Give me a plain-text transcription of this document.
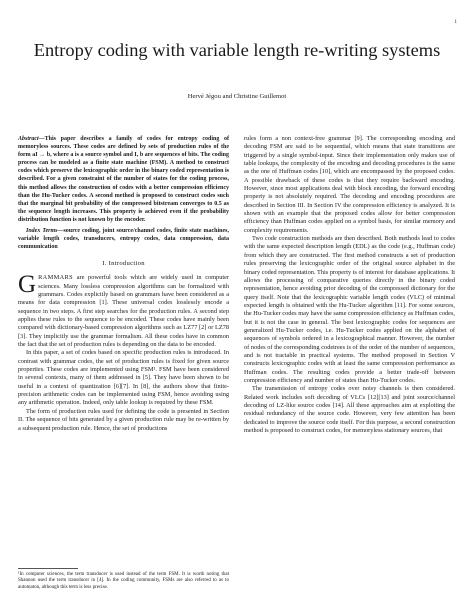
1
Entropy coding with variable length re-writing systems
Hervé Jégou and Christine Guillemot

Abstract—This paper describes a family of codes for entropy coding of memoryless sources. These codes are defined by sets of production rules of the form aI → b, where a is a source symbol and I, b are sequences of bits. The coding process can be modeled as a finite state machine (FSM). A method to construct codes which preserve the lexicographic order in the binary coded representation is described. For a given constraint of the number of states for the coding process, this method allows the construction of codes with a better compression efficiency than the Hu-Tucker codes. A second method is proposed to construct codes such that the marginal bit probability of the compressed bitstream converges to 0.5 as the sequence length increases. This property is achieved even if the probability distribution function is not known by the encoder.

Index Terms—source coding, joint source/channel codes, finite state machines, variable length codes, transducers, entropy codes, data compression, data communication

I. Introduction

GRAMMARS are powerful tools which are widely used in computer sciences. Many lossless compression algorithms can be formalized with grammars. Codes explicitly based on grammars have been considered as a means for data compression [1]. These universal codes losslessly encode a sequence in two steps. A first step searches for the production rules. A second step applies these rules to the sequence to be encoded. These codes have mainly been compared with dictionary-based compression algorithms such as LZ77 [2] or LZ78 [3]. They implicitly use the grammar formalism. All these codes have in common the fact that the set of production rules is depending on the data to be encoded.

In this paper, a set of codes based on specific production rules is introduced. In contrast with grammar codes, the set of production rules is fixed for given source properties. These codes are implemented using FSM¹. FSM have been considered in several contexts, many of them addressed in [5]. They have been shown to be useful in a context of quantization [6][7]. In [8], the authors show that finite-precision arithmetic codes can be implemented using FSM, hence avoiding using any arithmetic operation. Indeed, only table lookup is required by these FSM.

The form of production rules used for defining the code is presented in Section II. The sequence of bits generated by a given production rule may be re-written by a subsequent production rule. Hence, the set of productions

¹In computer sciences, the term transducer is used instead of the term FSM. It is worth noting that Shannon used the term transducer in [4]. In the coding community, FSMs are also referred to as to automaton, although this term is less precise.

rules form a non context-free grammar [9]. The corresponding encoding and decoding FSM are said to be sequential, which means that state transitions are triggered by a single symbol-input. Since their implementation only makes use of table lookups, the complexity of the encoding and decoding procedures is the same as the one of Huffman codes [10], which are encompassed by the proposed codes. A possible drawback of these codes is that they require backward encoding. However, since most applications deal with block encoding, the forward encoding property is not absolutely required. The decoding and encoding procedures are described in Section III. In Section IV the compression efficiency is analyzed. It is shown with an example that the proposed codes allow for better compression efficiency than Huffman codes applied on a symbol basis, for similar memory and complexity requirements.

Two code construction methods are then described. Both methods lead to codes with the same expected description length (EDL) as the code (e.g., Huffman code) from which they are constructed. The first method constructs a set of production rules preserving the lexicographic order of the original source alphabet in the binary coded representation. This property is of interest for database applications. It allows the processing of comparative queries directly in the binary coded representation, hence avoiding prior decoding of the compressed dictionary for the query itself. Note that the lexicographic variable length codes (VLC) of minimal expected length is obtained with the Hu-Tucker algorithm [11]. For some sources, the Hu-Tucker codes may have the same compression efficiency as Huffman codes, but it is not the case in general. The best lexicographic codes for sequences are generalized Hu-Tucker codes, i.e. Hu-Tucker codes applied on the alphabet of sequences of symbols ordered in a lexicographical manner. However, the number of nodes of the corresponding codetrees is of the order of the number of sequences, and is not tractable in practical systems. The method proposed in Section V constructs lexicographic codes with at least the same compression performance as Huffman codes. The resulting codes provide a better trade-off between compression efficiency and number of states than Hu-Tucker codes.

The transmission of entropy codes over noisy channels is then considered. Related work includes soft decoding of VLCs [12][13] and joint source/channel decoding of LZ-like source codes [14]. All these approaches aim at exploiting the residual redundancy of the source code. However, very few attention has been dedicated to improve the source code itself. For this purpose, a second construction method is proposed to construct codes, for memoryless stationary sources, that
